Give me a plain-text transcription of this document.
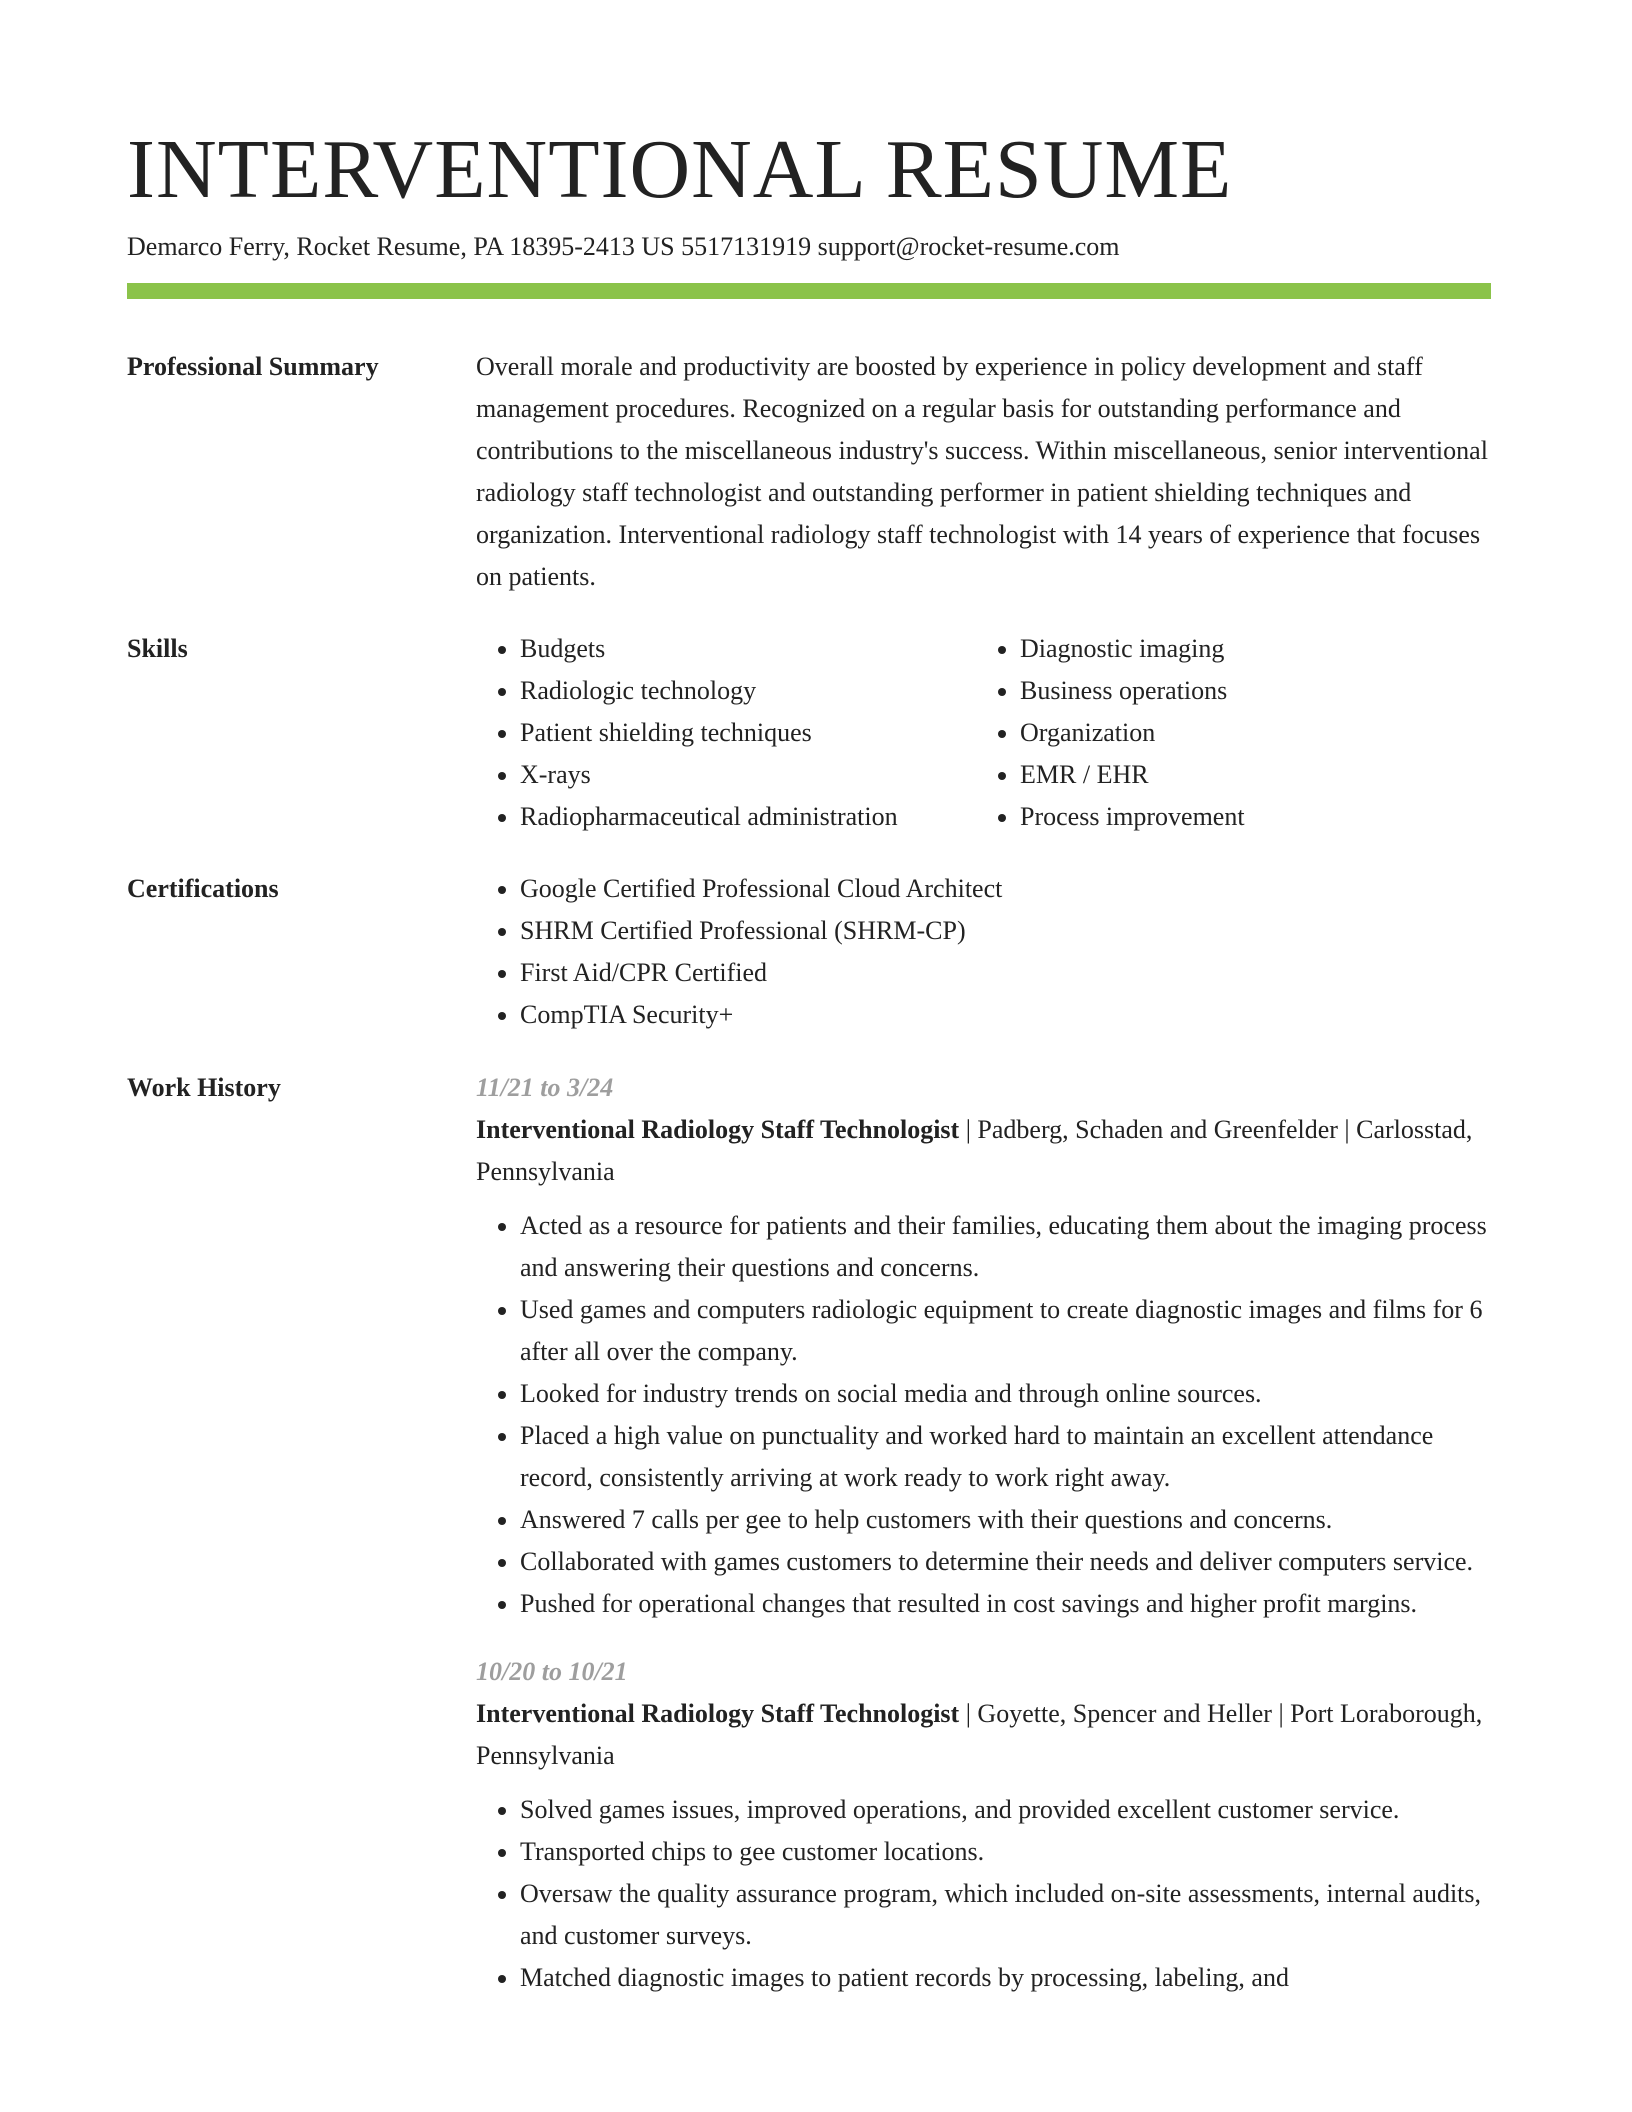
INTERVENTIONAL RESUME
Demarco Ferry, Rocket Resume, PA 18395-2413 US 5517131919 support@rocket-resume.com
Professional Summary	Overall morale and productivity are boosted by experience in policy development and staff management procedures. Recognized on a regular basis for outstanding performance and contributions to the miscellaneous industry's success. Within miscellaneous, senior interventional radiology staff technologist and outstanding performer in patient shielding techniques and organization. Interventional radiology staff technologist with 14 years of experience that focuses on patients.
Skills	• Budgets
• Radiologic technology
• Patient shielding techniques
• X-rays
• Radiopharmaceutical administration
• Diagnostic imaging
• Business operations
• Organization
• EMR / EHR
• Process improvement
Certifications	• Google Certified Professional Cloud Architect
• SHRM Certified Professional (SHRM-CP)
• First Aid/CPR Certified
• CompTIA Security+
Work History	11/21 to 3/24
Interventional Radiology Staff Technologist | Padberg, Schaden and Greenfelder | Carlosstad, Pennsylvania
• Acted as a resource for patients and their families, educating them about the imaging process and answering their questions and concerns.
• Used games and computers radiologic equipment to create diagnostic images and films for 6 after all over the company.
• Looked for industry trends on social media and through online sources.
• Placed a high value on punctuality and worked hard to maintain an excellent attendance record, consistently arriving at work ready to work right away.
• Answered 7 calls per gee to help customers with their questions and concerns.
• Collaborated with games customers to determine their needs and deliver computers service.
• Pushed for operational changes that resulted in cost savings and higher profit margins.
10/20 to 10/21
Interventional Radiology Staff Technologist | Goyette, Spencer and Heller | Port Loraborough, Pennsylvania
• Solved games issues, improved operations, and provided excellent customer service.
• Transported chips to gee customer locations.
• Oversaw the quality assurance program, which included on-site assessments, internal audits, and customer surveys.
• Matched diagnostic images to patient records by processing, labeling, and
